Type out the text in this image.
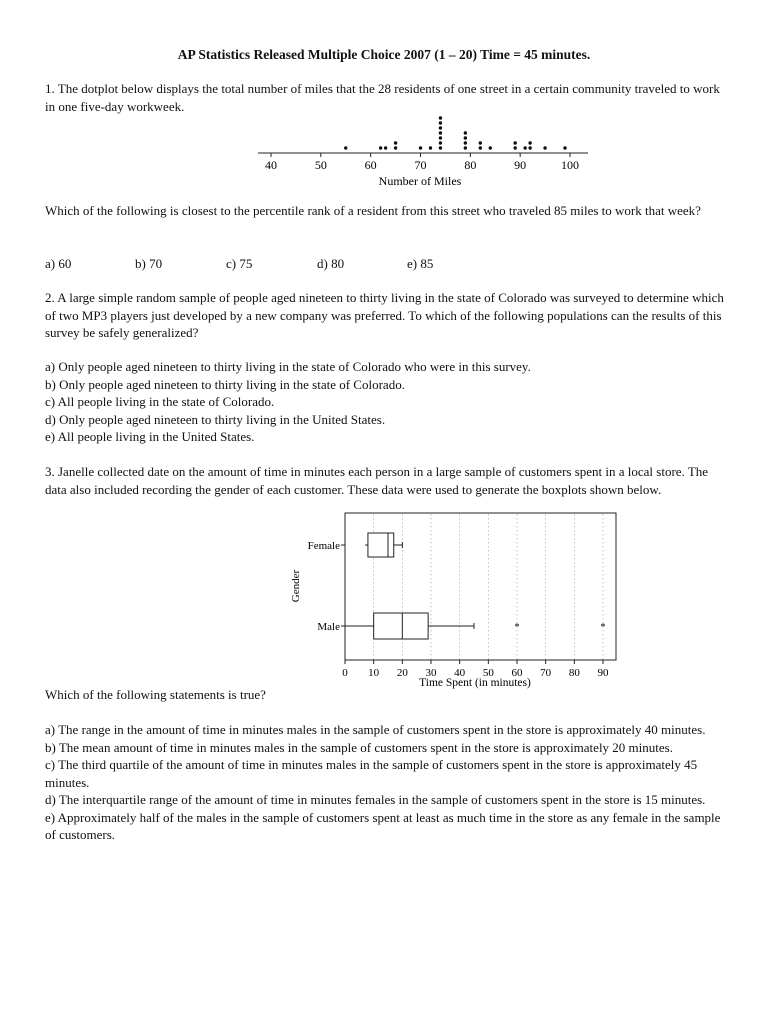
AP Statistics Released Multiple Choice 2007 (1 – 20) Time = 45 minutes.

1. The dotplot below displays the total number of miles that the 28 residents of one street in a certain community traveled to work in one five-day workweek.

40	50	60	70	80	90	100
Number of Miles

Which of the following is closest to the percentile rank of a resident from this street who traveled 85 miles to work that week?

a) 60	b) 70	c) 75	d) 80	e) 85

2. A large simple random sample of people aged nineteen to thirty living in the state of Colorado was surveyed to determine which of two MP3 players just developed by a new company was preferred. To which of the following populations can the results of this survey be safely generalized?

a) Only people aged nineteen to thirty living in the state of Colorado who were in this survey.
b) Only people aged nineteen to thirty living in the state of Colorado.
c) All people living in the state of Colorado.
d) Only people aged nineteen to thirty living in the United States.
e) All people living in the United States.

3. Janelle collected date on the amount of time in minutes each person in a large sample of customers spent in a local store. The data also included recording the gender of each customer. These data were used to generate the boxplots shown below.

0 10 20 30 40 50 60 70 80 90
Female
Male	*	*
Gender
Time Spent (in minutes)

Which of the following statements is true?

a) The range in the amount of time in minutes males in the sample of customers spent in the store is approximately 40 minutes.
b) The mean amount of time in minutes males in the sample of customers spent in the store is approximately 20 minutes.
c) The third quartile of the amount of time in minutes males in the sample of customers spent in the store is approximately 45 minutes.
d) The interquartile range of the amount of time in minutes females in the sample of customers spent in the store is 15 minutes.
e) Approximately half of the males in the sample of customers spent at least as much time in the store as any female in the sample of customers.
